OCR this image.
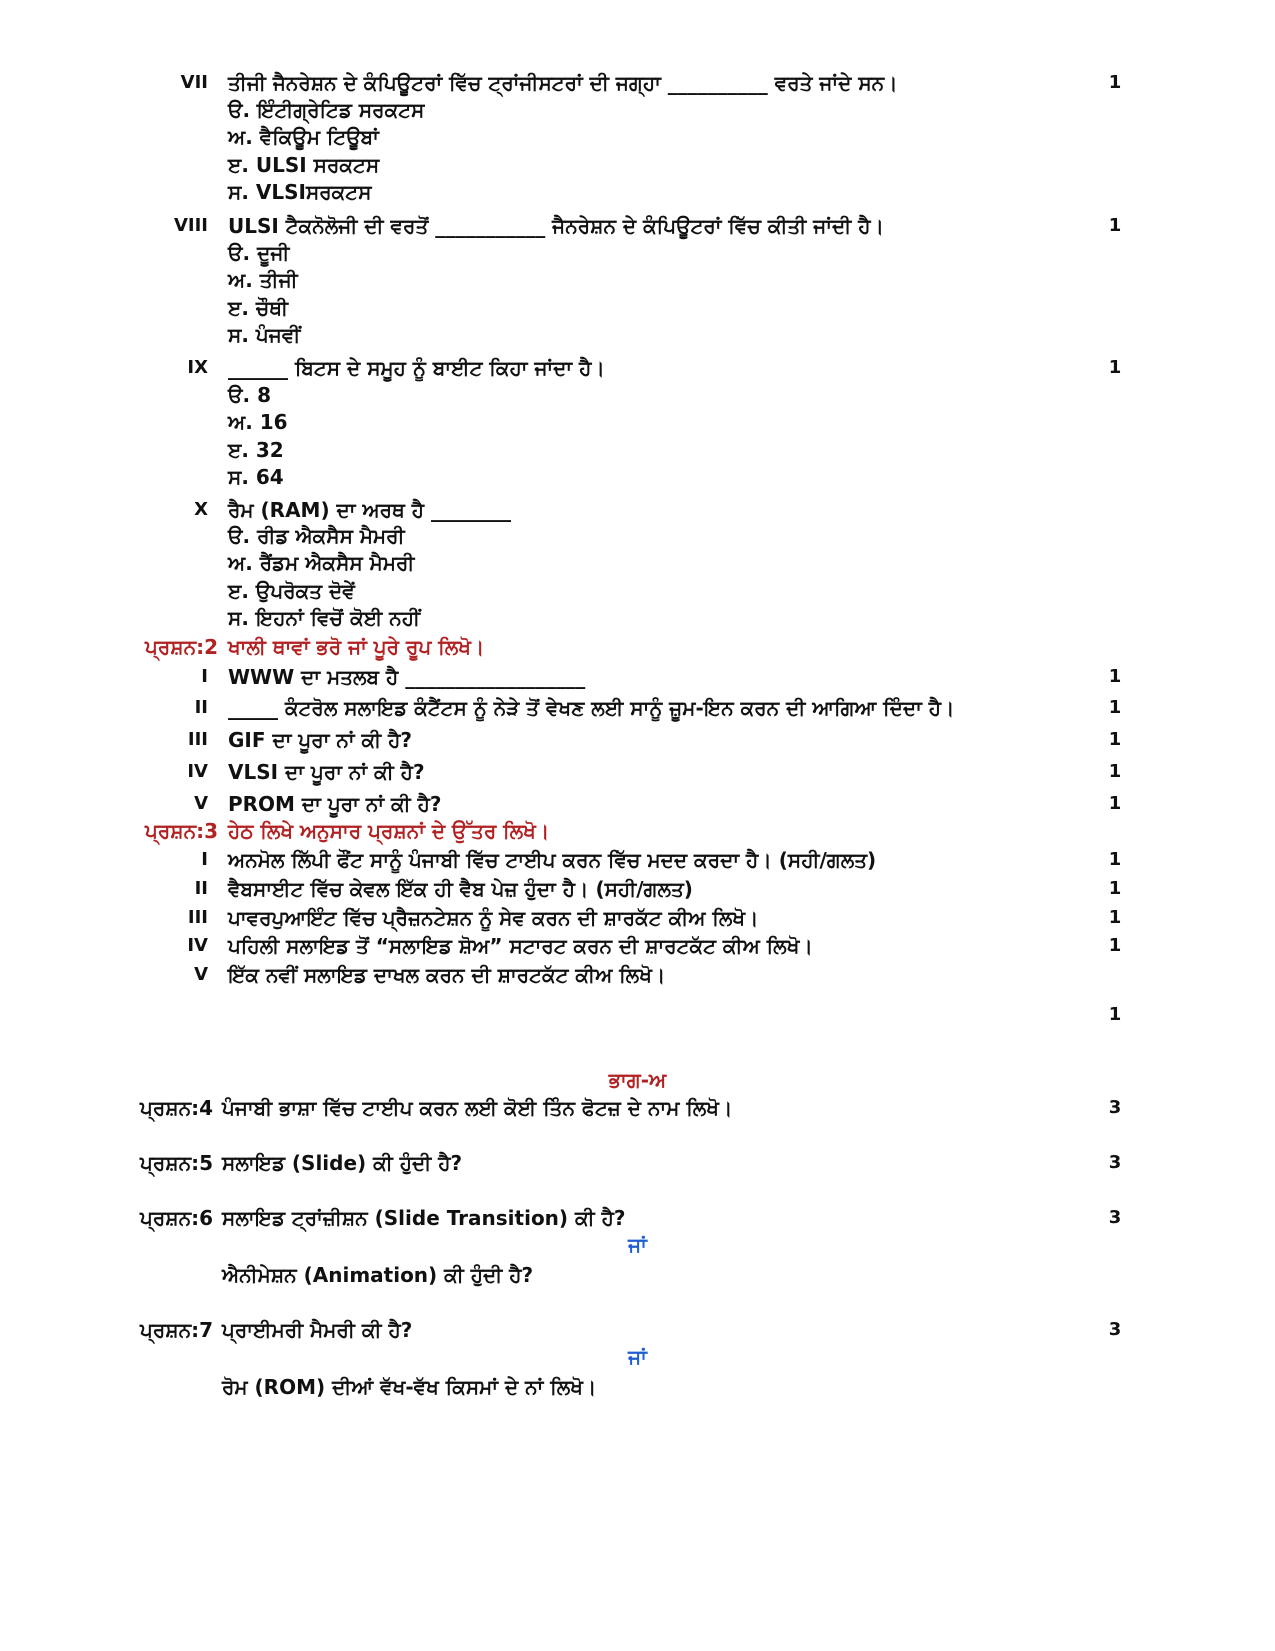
VII ਤੀਜੀ ਜੈਨਰੇਸ਼ਨ ਦੇ ਕੰਪਿਊਟਰਾਂ ਵਿੱਚ ਟ੍ਰਾਂਜੀਸਟਰਾਂ ਦੀ ਜਗ੍ਹਾ __________ ਵਰਤੇ ਜਾਂਦੇ ਸਨ।	1
ੳ. ਇੰਟੀਗ੍ਰੇਟਿਡ ਸਰਕਟਸ
ਅ. ਵੈਕਿਊਮ ਟਿਊਬਾਂ
ੲ. ULSI ਸਰਕਟਸ
ਸ. VLSIਸਰਕਟਸ
VIII ULSI ਟੈਕਨੋਲੋਜੀ ਦੀ ਵਰਤੋਂ ___________ ਜੈਨਰੇਸ਼ਨ ਦੇ ਕੰਪਿਊਟਰਾਂ ਵਿੱਚ ਕੀਤੀ ਜਾਂਦੀ ਹੈ।	1
ੳ. ਦੂਜੀ
ਅ. ਤੀਜੀ
ੲ. ਚੌਥੀ
ਸ. ਪੰਜਵੀਂ
IX ______ ਬਿਟਸ ਦੇ ਸਮੂਹ ਨੂੰ ਬਾਈਟ ਕਿਹਾ ਜਾਂਦਾ ਹੈ।	1
ੳ. 8
ਅ. 16
ੲ. 32
ਸ. 64
X ਰੈਮ (RAM) ਦਾ ਅਰਥ ਹੈ ________
ੳ. ਰੀਡ ਐਕਸੈਸ ਮੈਮਰੀ
ਅ. ਰੈਂਡਮ ਐਕਸੈਸ ਮੈਮਰੀ
ੲ. ਉਪਰੋਕਤ ਦੋਵੇਂ
ਸ. ਇਹਨਾਂ ਵਿਚੋਂ ਕੋਈ ਨਹੀਂ
ਪ੍ਰਸ਼ਨ:2 ਖਾਲੀ ਥਾਵਾਂ ਭਰੋ ਜਾਂ ਪੂਰੇ ਰੂਪ ਲਿਖੋ।
I WWW ਦਾ ਮਤਲਬ ਹੈ __________________	1
II _____ ਕੰਟਰੋਲ ਸਲਾਇਡ ਕੰਟੈਂਟਸ ਨੂੰ ਨੇੜੇ ਤੋਂ ਵੇਖਣ ਲਈ ਸਾਨੂੰ ਜ਼ੂਮ-ਇਨ ਕਰਨ ਦੀ ਆਗਿਆ ਦਿੰਦਾ ਹੈ।	1
III GIF ਦਾ ਪੂਰਾ ਨਾਂ ਕੀ ਹੈ?	1
IV VLSI ਦਾ ਪੂਰਾ ਨਾਂ ਕੀ ਹੈ?	1
V PROM ਦਾ ਪੂਰਾ ਨਾਂ ਕੀ ਹੈ?	1
ਪ੍ਰਸ਼ਨ:3 ਹੇਠ ਲਿਖੇ ਅਨੁਸਾਰ ਪ੍ਰਸ਼ਨਾਂ ਦੇ ਉੱਤਰ ਲਿਖੋ।
I ਅਨਮੋਲ ਲਿੱਪੀ ਫੌਂਟ ਸਾਨੂੰ ਪੰਜਾਬੀ ਵਿੱਚ ਟਾਈਪ ਕਰਨ ਵਿੱਚ ਮਦਦ ਕਰਦਾ ਹੈ। (ਸਹੀ/ਗਲਤ)	1
II ਵੈਬਸਾਈਟ ਵਿੱਚ ਕੇਵਲ ਇੱਕ ਹੀ ਵੈਬ ਪੇਜ਼ ਹੁੰਦਾ ਹੈ। (ਸਹੀ/ਗਲਤ)	1
III ਪਾਵਰਪੁਆਇੰਟ ਵਿੱਚ ਪ੍ਰੈਜ਼ਨਟੇਸ਼ਨ ਨੂੰ ਸੇਵ ਕਰਨ ਦੀ ਸ਼ਾਰਕੱਟ ਕੀਅ ਲਿਖੋ।	1
IV ਪਹਿਲੀ ਸਲਾਇਡ ਤੋਂ “ਸਲਾਇਡ ਸ਼ੋਅ” ਸਟਾਰਟ ਕਰਨ ਦੀ ਸ਼ਾਰਟਕੱਟ ਕੀਅ ਲਿਖੋ।	1
V ਇੱਕ ਨਵੀਂ ਸਲਾਇਡ ਦਾਖਲ ਕਰਨ ਦੀ ਸ਼ਾਰਟਕੱਟ ਕੀਅ ਲਿਖੋ।
1
ਭਾਗ-ਅ
ਪ੍ਰਸ਼ਨ:4 ਪੰਜਾਬੀ ਭਾਸ਼ਾ ਵਿੱਚ ਟਾਈਪ ਕਰਨ ਲਈ ਕੋਈ ਤਿੰਨ ਫੋਟਜ਼ ਦੇ ਨਾਮ ਲਿਖੋ।	3
ਪ੍ਰਸ਼ਨ:5 ਸਲਾਇਡ (Slide) ਕੀ ਹੁੰਦੀ ਹੈ?	3
ਪ੍ਰਸ਼ਨ:6 ਸਲਾਇਡ ਟ੍ਰਾਂਜ਼ੀਸ਼ਨ (Slide Transition) ਕੀ ਹੈ?	3
ਜਾਂ
ਐਨੀਮੇਸ਼ਨ (Animation) ਕੀ ਹੁੰਦੀ ਹੈ?
ਪ੍ਰਸ਼ਨ:7 ਪ੍ਰਾਈਮਰੀ ਮੈਮਰੀ ਕੀ ਹੈ?	3
ਜਾਂ
ਰੋਮ (ROM) ਦੀਆਂ ਵੱਖ-ਵੱਖ ਕਿਸਮਾਂ ਦੇ ਨਾਂ ਲਿਖੋ।
